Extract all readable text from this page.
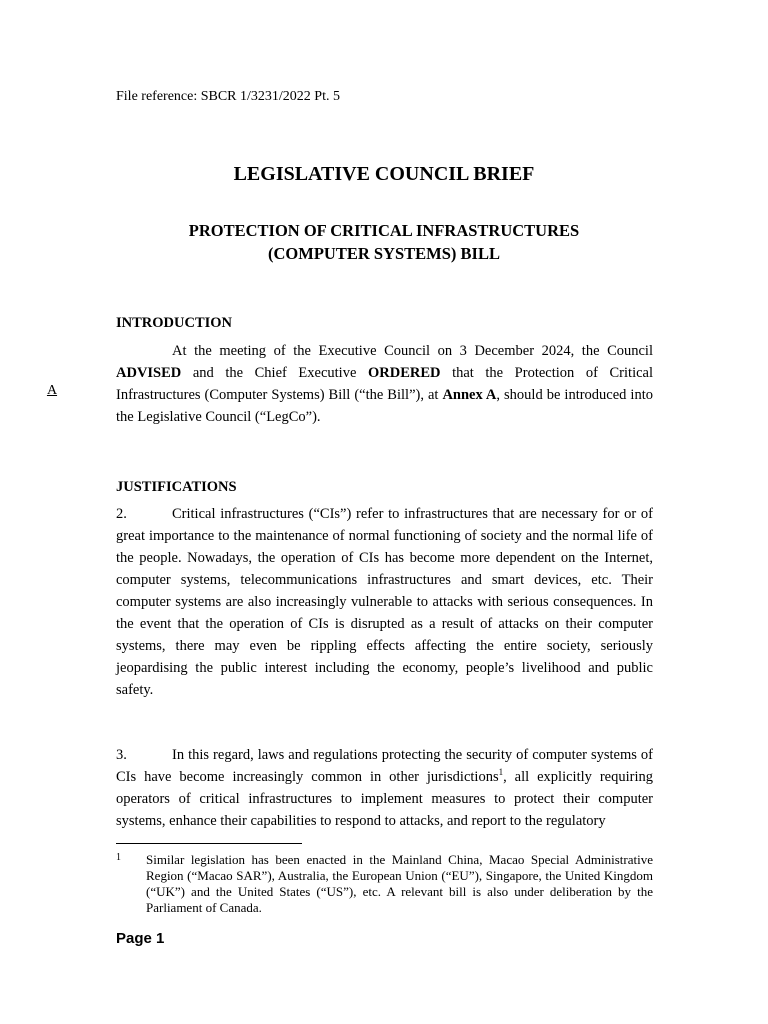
File reference: SBCR 1/3231/2022 Pt. 5
LEGISLATIVE COUNCIL BRIEF
PROTECTION OF CRITICAL INFRASTRUCTURES
(COMPUTER SYSTEMS) BILL
INTRODUCTION
A
At the meeting of the Executive Council on 3 December 2024, the Council ADVISED and the Chief Executive ORDERED that the Protection of Critical Infrastructures (Computer Systems) Bill (“the Bill”), at Annex A, should be introduced into the Legislative Council (“LegCo”).
JUSTIFICATIONS
2.	Critical infrastructures (“CIs”) refer to infrastructures that are necessary for or of great importance to the maintenance of normal functioning of society and the normal life of the people. Nowadays, the operation of CIs has become more dependent on the Internet, computer systems, telecommunications infrastructures and smart devices, etc. Their computer systems are also increasingly vulnerable to attacks with serious consequences. In the event that the operation of CIs is disrupted as a result of attacks on their computer systems, there may even be rippling effects affecting the entire society, seriously jeopardising the public interest including the economy, people’s livelihood and public safety.
3.	In this regard, laws and regulations protecting the security of computer systems of CIs have become increasingly common in other jurisdictions$^1$, all explicitly requiring operators of critical infrastructures to implement measures to protect their computer systems, enhance their capabilities to respond to attacks, and report to the regulatory
1 Similar legislation has been enacted in the Mainland China, Macao Special Administrative Region (“Macao SAR”), Australia, the European Union (“EU”), Singapore, the United Kingdom (“UK”) and the United States (“US”), etc. A relevant bill is also under deliberation by the Parliament of Canada.
Page 1
